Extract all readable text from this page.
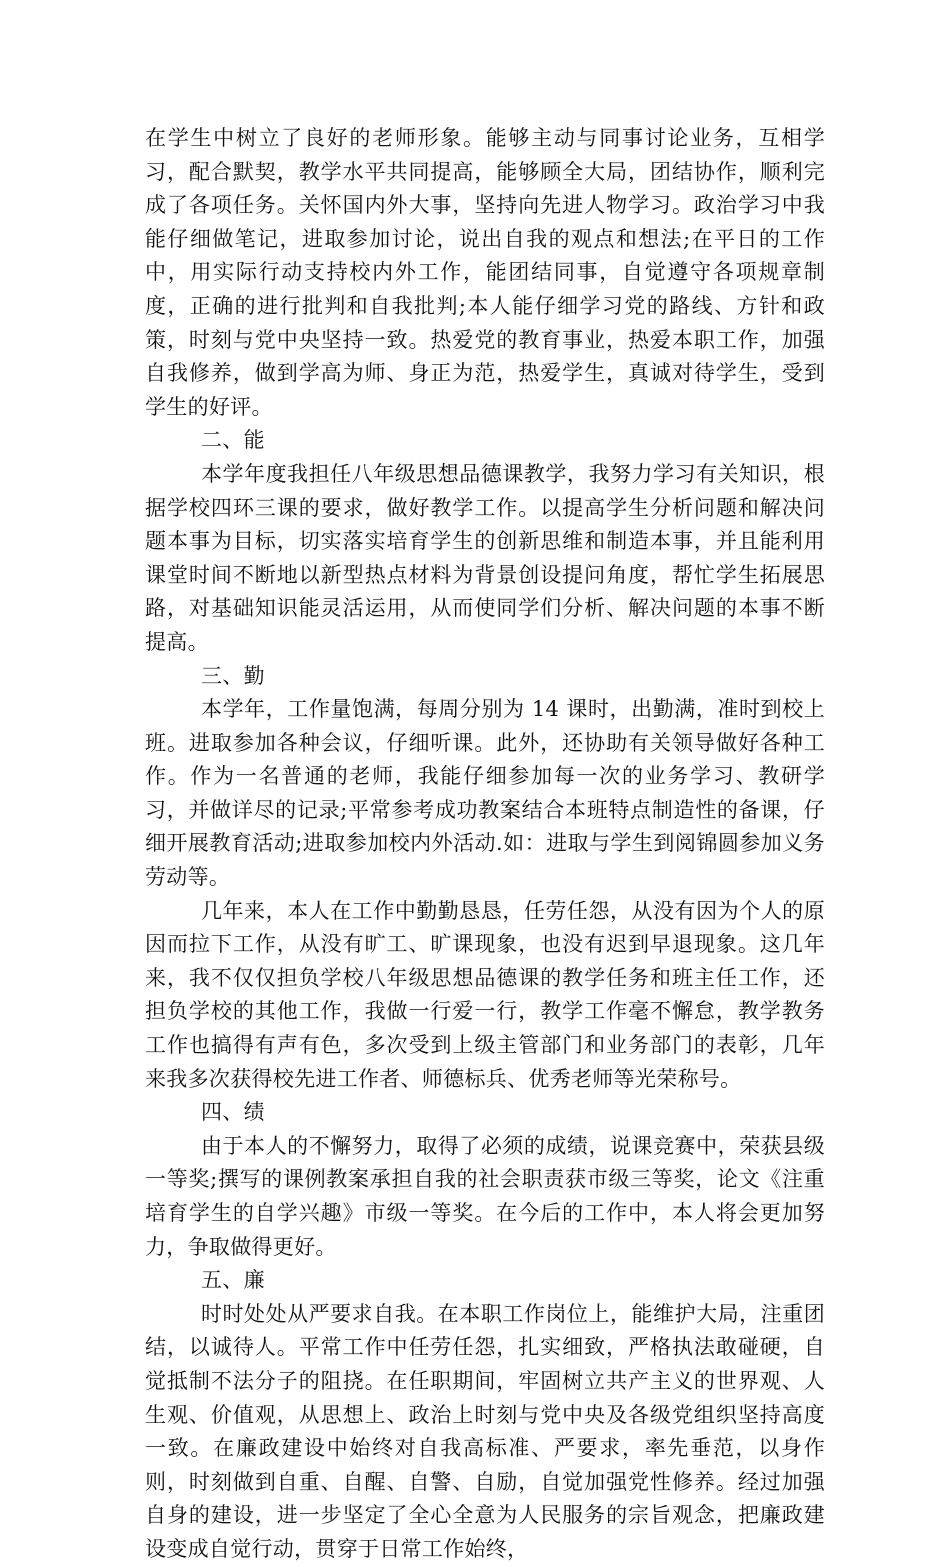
在学生中树立了良好的老师形象。能够主动与同事讨论业务，互相学习，配合默契，教学水平共同提高，能够顾全大局，团结协作，顺利完成了各项任务。关怀国内外大事，坚持向先进人物学习。政治学习中我能仔细做笔记，进取参加讨论，说出自我的观点和想法;在平日的工作中，用实际行动支持校内外工作，能团结同事，自觉遵守各项规章制度，正确的进行批判和自我批判;本人能仔细学习党的路线、方针和政策，时刻与党中央坚持一致。热爱党的教育事业，热爱本职工作，加强自我修养，做到学高为师、身正为范，热爱学生，真诚对待学生，受到学生的好评。

二、能

本学年度我担任八年级思想品德课教学，我努力学习有关知识，根据学校四环三课的要求，做好教学工作。以提高学生分析问题和解决问题本事为目标，切实落实培育学生的创新思维和制造本事，并且能利用课堂时间不断地以新型热点材料为背景创设提问角度，帮忙学生拓展思路，对基础知识能灵活运用，从而使同学们分析、解决问题的本事不断提高。

三、勤

本学年，工作量饱满，每周分别为 14 课时，出勤满，准时到校上班。进取参加各种会议，仔细听课。此外，还协助有关领导做好各种工作。作为一名普通的老师，我能仔细参加每一次的业务学习、教研学习，并做详尽的记录;平常参考成功教案结合本班特点制造性的备课，仔细开展教育活动;进取参加校内外活动.如：进取与学生到阅锦圆参加义务劳动等。

几年来，本人在工作中勤勤恳恳，任劳任怨，从没有因为个人的原因而拉下工作，从没有旷工、旷课现象，也没有迟到早退现象。这几年来，我不仅仅担负学校八年级思想品德课的教学任务和班主任工作，还担负学校的其他工作，我做一行爱一行，教学工作毫不懈怠，教学教务工作也搞得有声有色，多次受到上级主管部门和业务部门的表彰，几年来我多次获得校先进工作者、师德标兵、优秀老师等光荣称号。

四、绩

由于本人的不懈努力，取得了必须的成绩，说课竞赛中，荣获县级一等奖;撰写的课例教案承担自我的社会职责获市级三等奖，论文《注重培育学生的自学兴趣》市级一等奖。在今后的工作中，本人将会更加努力，争取做得更好。

五、廉

时时处处从严要求自我。在本职工作岗位上，能维护大局，注重团结，以诚待人。平常工作中任劳任怨，扎实细致，严格执法敢碰硬，自觉抵制不法分子的阻挠。在任职期间，牢固树立共产主义的世界观、人生观、价值观，从思想上、政治上时刻与党中央及各级党组织坚持高度一致。在廉政建设中始终对自我高标准、严要求，率先垂范，以身作则，时刻做到自重、自醒、自警、自励，自觉加强党性修养。经过加强自身的建设，进一步坚定了全心全意为人民服务的宗旨观念，把廉政建设变成自觉行动，贯穿于日常工作始终，
